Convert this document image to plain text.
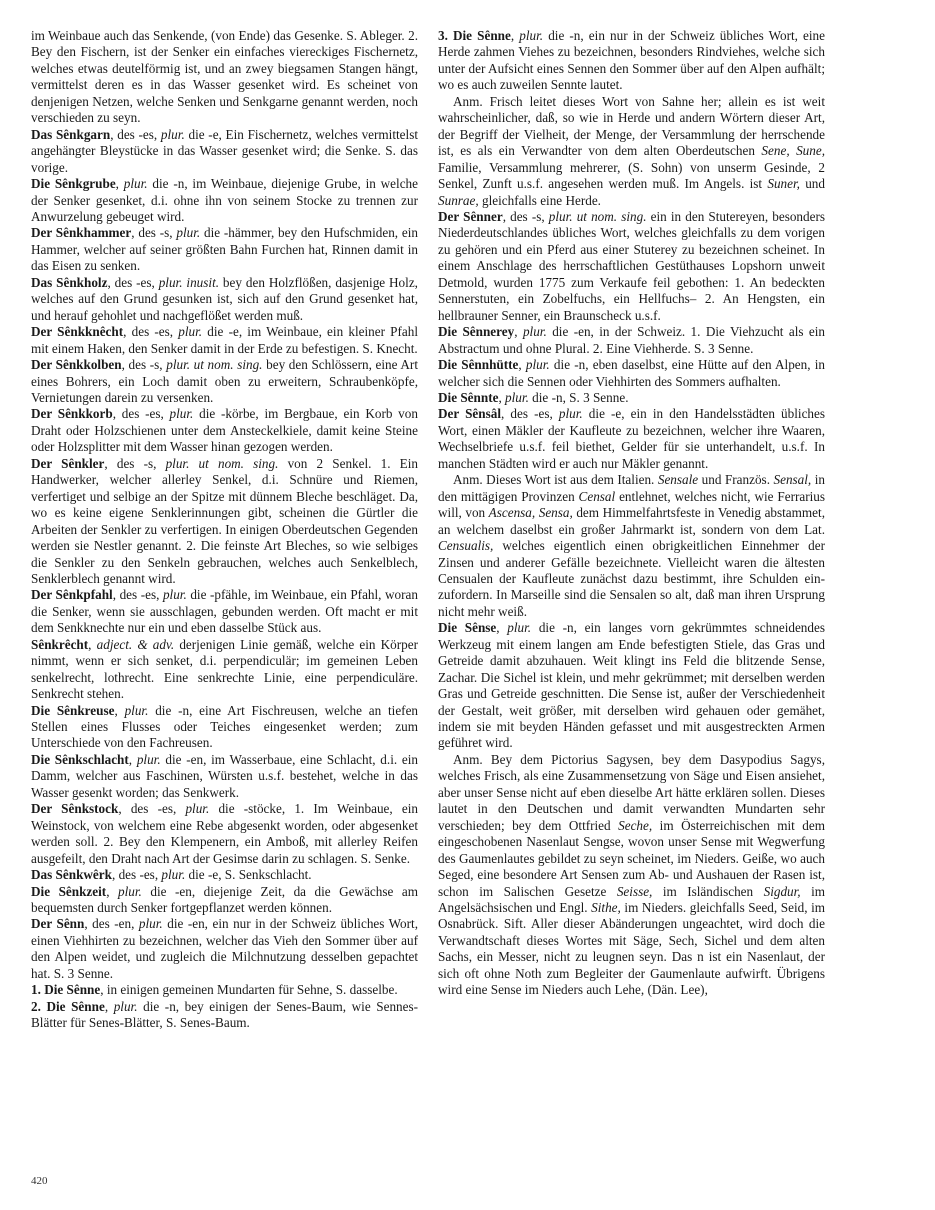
im Weinbaue auch das Senkende, (von Ende) das Gesenke. S. Ableger. 2. Bey den Fischern, ist der Senker ein einfaches viereckiges Fischernetz, welches etwas deutelförmig ist, und an zwey biegsamen Stangen hängt, vermittelst deren es in das Wasser gesenket wird. Es scheinet von denjenigen Netzen, welche Senken und Senkgarne genannt werden, noch verschieden zu seyn.

Das Sênkgarn, des -es, plur. die -e, Ein Fischernetz, welches vermittelst angehängter Bleystücke in das Wasser gesenket wird; die Senke. S. das vorige.

Die Sênkgrube, plur. die -n, im Weinbaue, diejenige Grube, in welche der Senker gesenket, d.i. ohne ihn von seinem Stocke zu trennen zur Anwurzelung gebeuget wird.

Der Sênkhammer, des -s, plur. die -hämmer, bey den Hufschmiden, ein Hammer, welcher auf seiner größten Bahn Furchen hat, Rinnen damit in das Eisen zu senken.

Das Sênkholz, des -es, plur. inusit. bey den Holzflößen, dasjenige Holz, welches auf den Grund gesunken ist, sich auf den Grund gesenket hat, und herauf gehohlet und nachgeflößet werden muß.

Der Sênkknêcht, des -es, plur. die -e, im Weinbaue, ein kleiner Pfahl mit einem Haken, den Senker damit in der Erde zu befestigen. S. Knecht.

Der Sênkkolben, des -s, plur. ut nom. sing. bey den Schlössern, eine Art eines Bohrers, ein Loch damit oben zu erweitern, Schraubenköpfe, Vernietungen darein zu versenken.

Der Sênkkorb, des -es, plur. die -körbe, im Bergbaue, ein Korb von Draht oder Holzschienen unter dem Ansteckelkiele, damit keine Steine oder Holzsplitter mit dem Wasser hinan gezogen werden.

Der Sênkler, des -s, plur. ut nom. sing. von 2 Senkel. 1. Ein Handwerker, welcher allerley Senkel, d.i. Schnüre und Riemen, verfertiget und selbige an der Spitze mit dünnem Bleche beschläget. Da, wo es keine eigene Senklerinnungen gibt, scheinen die Gürtler die Arbeiten der Senkler zu verfertigen. In einigen Oberdeutschen Gegenden werden sie Nestler genannt. 2. Die feinste Art Bleches, so wie selbiges die Senkler zu den Senkeln gebrauchen, welches auch Senkelblech, Senklerblech genannt wird.

Der Sênkpfahl, des -es, plur. die -pfähle, im Weinbaue, ein Pfahl, woran die Senker, wenn sie ausschlagen, gebunden werden. Oft macht er mit dem Senkknechte nur ein und eben dasselbe Stück aus.

Sênkrêcht, adject. & adv. derjenigen Linie gemäß, welche ein Körper nimmt, wenn er sich senket, d.i. perpendiculär; im gemeinen Leben senkelrecht, lothrecht. Eine senkrechte Linie, eine perpendiculäre. Senkrecht stehen.

Die Sênkreuse, plur. die -n, eine Art Fischreusen, welche an tiefen Stellen eines Flusses oder Teiches eingesenket werden; zum Unterschiede von den Fachreusen.

Die Sênkschlacht, plur. die -en, im Wasserbaue, eine Schlacht, d.i. ein Damm, welcher aus Faschinen, Würsten u.s.f. bestehet, welche in das Wasser gesenkt worden; das Senkwerk.

Der Sênkstock, des -es, plur. die -stöcke, 1. Im Weinbaue, ein Weinstock, von welchem eine Rebe abgesenkt worden, oder abgesenket werden soll. 2. Bey den Klempenern, ein Amboß, mit allerley Reifen ausgefeilt, den Draht nach Art der Gesimse darin zu schlagen. S. Senke.

Das Sênkwêrk, des -es, plur. die -e, S. Senkschlacht.

Die Sênkzeit, plur. die -en, diejenige Zeit, da die Gewächse am bequemsten durch Senker fortgepflanzet werden können.

Der Sênn, des -en, plur. die -en, ein nur in der Schweiz übliches Wort, einen Viehhirten zu bezeichnen, welcher das Vieh den Sommer über auf den Alpen weidet, und zugleich die Milchnutzung desselben gepachtet hat. S. 3 Senne.

1. Die Sênne, in einigen gemeinen Mundarten für Sehne, S. dasselbe.

2. Die Sênne, plur. die -n, bey einigen der Senes-Baum, wie Sennes-Blätter für Senes-Blätter, S. Senes-Baum.

3. Die Sênne, plur. die -n, ein nur in der Schweiz übliches Wort, eine Herde zahmen Viehes zu bezeichnen, besonders Rindviehes, welche sich unter der Aufsicht eines Sennen den Sommer über auf den Alpen aufhält; wo es auch zuweilen Sennte lautet.

Anm. Frisch leitet dieses Wort von Sahne her; allein es ist weit wahrscheinlicher, daß, so wie in Herde und andern Wörtern dieser Art, der Begriff der Vielheit, der Menge, der Versammlung der herrschende ist, es als ein Verwandter von dem alten Oberdeutschen Sene, Sune, Familie, Versammlung mehrerer, (S. Sohn) von unserm Gesinde, 2 Senkel, Zunft u.s.f. angesehen werden muß. Im Angels. ist Suner, und Sunrae, gleichfalls eine Herde.

Der Sênner, des -s, plur. ut nom. sing. ein in den Stutereyen, besonders Niederdeutschlandes übliches Wort, welches gleichfalls zu dem vorigen zu gehören und ein Pferd aus einer Stuterey zu bezeichnen scheinet. In einem Anschlage des herrschaftlichen Gestüthauses Lopshorn unweit Detmold, wurden 1775 zum Verkaufe feil gebothen: 1. An bedeckten Sennerstuten, ein Zobelfuchs, ein Hellfuchs– 2. An Hengsten, ein hellbrauner Senner, ein Braunscheck u.s.f.

Die Sênnerey, plur. die -en, in der Schweiz. 1. Die Viehzucht als ein Abstractum und ohne Plural. 2. Eine Viehherde. S. 3 Senne.

Die Sênnhütte, plur. die -n, eben daselbst, eine Hütte auf den Alpen, in welcher sich die Sennen oder Viehhirten des Sommers aufhalten.

Die Sênnte, plur. die -n, S. 3 Senne.

Der Sênsâl, des -es, plur. die -e, ein in den Handelsstädten übliches Wort, einen Mäkler der Kaufleute zu bezeichnen, welcher ihre Waaren, Wechselbriefe u.s.f. feil biethet, Gelder für sie unterhandelt, u.s.f. In manchen Städten wird er auch nur Mäkler genannt.

Anm. Dieses Wort ist aus dem Italien. Sensale und Französ. Sensal, in den mittägigen Provinzen Censal entlehnet, welches nicht, wie Ferrarius will, von Ascensa, Sensa, dem Himmelfahrtsfeste in Venedig abstammet, an welchem daselbst ein großer Jahrmarkt ist, sondern von dem Lat. Censualis, welches eigentlich einen obrigkeitlichen Einnehmer der Zinsen und anderer Gefälle bezeichnete. Vielleicht waren die ältesten Censualen der Kaufleute zunächst dazu bestimmt, ihre Schulden einzufordern. In Marseille sind die Sensalen so alt, daß man ihren Ursprung nicht mehr weiß.

Die Sênse, plur. die -n, ein langes vorn gekrümmtes schneidendes Werkzeug mit einem langen am Ende befestigten Stiele, das Gras und Getreide damit abzuhauen. Weit klingt ins Feld die blitzende Sense, Zachar. Die Sichel ist klein, und mehr gekrümmet; mit derselben werden Gras und Getreide geschnitten. Die Sense ist, außer der Verschiedenheit der Gestalt, weit größer, mit derselben wird gehauen oder gemähet, indem sie mit beyden Händen gefasset und mit ausgestreckten Armen geführet wird.

Anm. Bey dem Pictorius Sagysen, bey dem Dasypodius Sagys, welches Frisch, als eine Zusammensetzung von Säge und Eisen ansiehet, aber unser Sense nicht auf eben dieselbe Art hätte erklären sollen. Dieses lautet in den Deutschen und damit verwandten Mundarten sehr verschieden; bey dem Ottfried Seche, im Österreichischen mit dem eingeschobenen Nasenlaut Sengse, wovon unser Sense mit Wegwerfung des Gaumenlautes gebildet zu seyn scheinet, im Nieders. Geiße, wo auch Seged, eine besondere Art Sensen zum Ab- und Aushauen der Rasen ist, schon im Salischen Gesetze Seisse, im Isländischen Sigdur, im Angelsächsischen und Engl. Sithe, im Nieders. gleichfalls Seed, Seid, im Osnabrück. Sift. Aller dieser Abänderungen ungeachtet, wird doch die Verwandtschaft dieses Wortes mit Säge, Sech, Sichel und dem alten Sachs, ein Messer, nicht zu leugnen seyn. Das n ist ein Nasenlaut, der sich oft ohne Noth zum Begleiter der Gaumenlaute aufwirft. Übrigens wird eine Sense im Nieders auch Lehe, (Dän. Lee),

420
